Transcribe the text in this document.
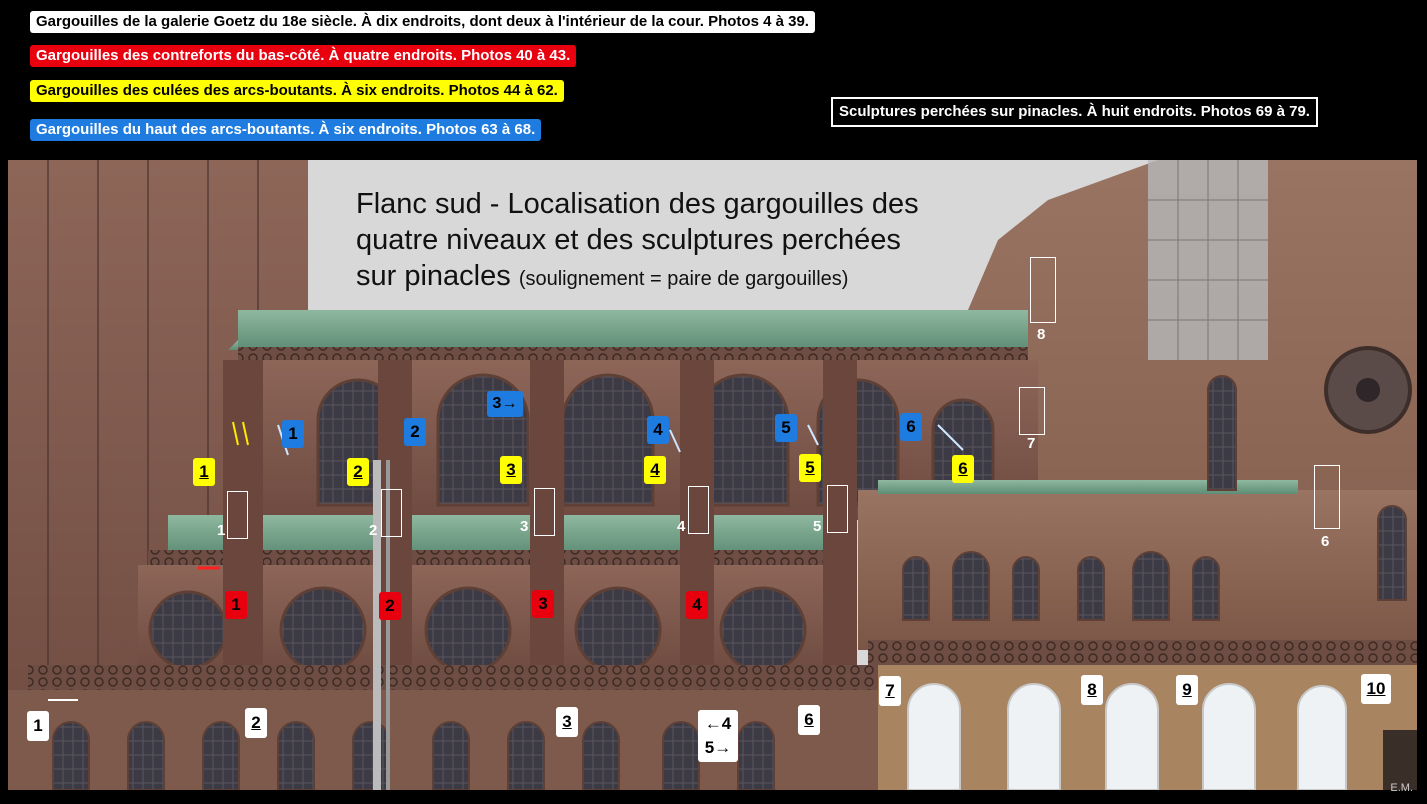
Gargouilles de la galerie Goetz du 18e siècle. À dix endroits, dont deux à l'intérieur de la cour. Photos 4 à 39.
Gargouilles des contreforts du bas-côté. À quatre endroits. Photos 40 à 43.
Gargouilles des culées des arcs-boutants. À six endroits. Photos 44 à 62.
Gargouilles du haut des arcs-boutants. À six endroits. Photos 63 à 68.
Sculptures perchées sur pinacles. À huit endroits. Photos 69 à 79.
Flanc sud - Localisation des gargouilles des
quatre niveaux et des sculptures perchées
sur pinacles (soulignement = paire de gargouilles)
1	2	3	4
1	2	3	4	5	6
1	2
3→
4	5	6
1	2	3	←4
5→
6
7	8	9	10
1	2	3	4	5
6
7
8
E.M.
